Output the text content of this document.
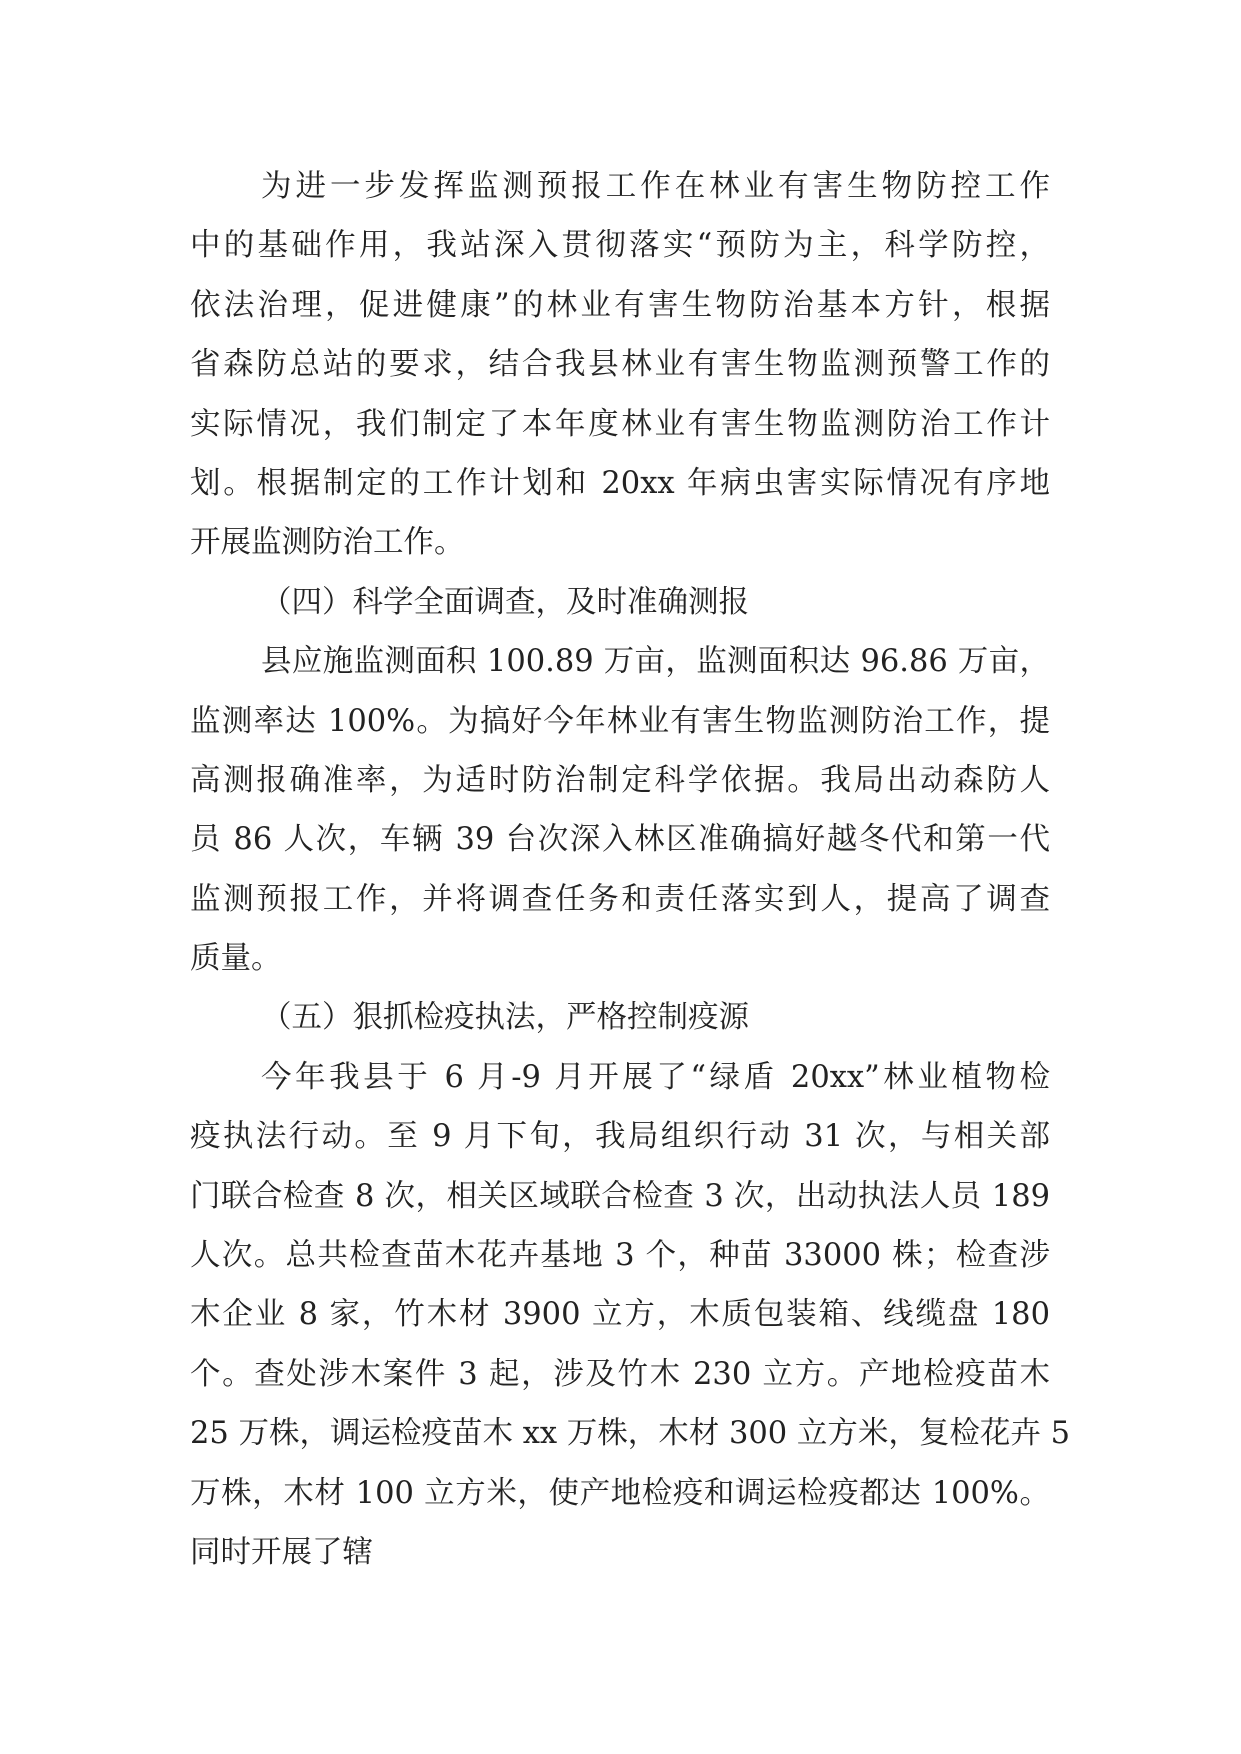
为进一步发挥监测预报工作在林业有害生物防控工作
中的基础作用，我站深入贯彻落实“预防为主，科学防控，
依法治理，促进健康”的林业有害生物防治基本方针，根据
省森防总站的要求，结合我县林业有害生物监测预警工作的
实际情况，我们制定了本年度林业有害生物监测防治工作计
划。根据制定的工作计划和 20xx 年病虫害实际情况有序地
开展监测防治工作。
（四）科学全面调查，及时准确测报
县应施监测面积 100.89 万亩，监测面积达 96.86 万亩，
监测率达 100%。为搞好今年林业有害生物监测防治工作，提
高测报确准率，为适时防治制定科学依据。我局出动森防人
员 86 人次，车辆 39 台次深入林区准确搞好越冬代和第一代
监测预报工作，并将调查任务和责任落实到人，提高了调查
质量。
（五）狠抓检疫执法，严格控制疫源
今年我县于 6 月-9 月开展了“绿盾 20xx”林业植物检
疫执法行动。至 9 月下旬，我局组织行动 31 次，与相关部
门联合检查 8 次，相关区域联合检查 3 次，出动执法人员 189
人次。总共检查苗木花卉基地 3 个，种苗 33000 株；检查涉
木企业 8 家，竹木材 3900 立方，木质包装箱、线缆盘 180
个。查处涉木案件 3 起，涉及竹木 230 立方。产地检疫苗木
25 万株，调运检疫苗木 xx 万株，木材 300 立方米，复检花卉 5
万株，木材 100 立方米，使产地检疫和调运检疫都达 100%。
同时开展了辖
